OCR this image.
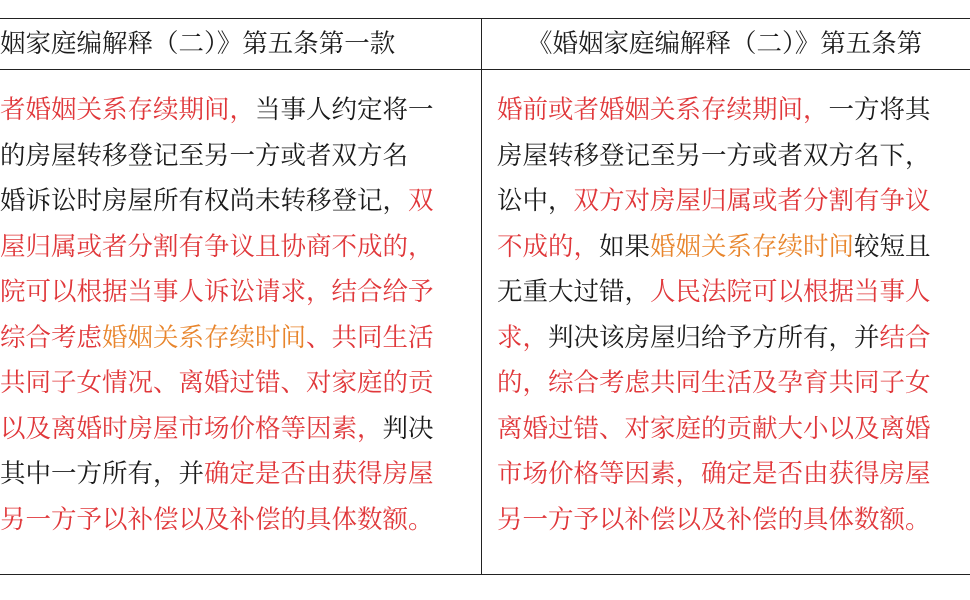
姻家庭编解释（二）》第五条第一款	《婚姻家庭编解释（二）》第五条第
者婚姻关系存续期间，当事人约定将一
的房屋转移登记至另一方或者双方名
婚诉讼时房屋所有权尚未转移登记，双
屋归属或者分割有争议且协商不成的，
院可以根据当事人诉讼请求，结合给予
综合考虑婚姻关系存续时间、共同生活
共同子女情况、离婚过错、对家庭的贡
以及离婚时房屋市场价格等因素，判决
其中一方所有，并确定是否由获得房屋
另一方予以补偿以及补偿的具体数额。
婚前或者婚姻关系存续期间，一方将其
房屋转移登记至另一方或者双方名下，
讼中，双方对房屋归属或者分割有争议
不成的，如果婚姻关系存续时间较短且
无重大过错，人民法院可以根据当事人
求，判决该房屋归给予方所有，并结合
的，综合考虑共同生活及孕育共同子女
离婚过错、对家庭的贡献大小以及离婚
市场价格等因素，确定是否由获得房屋
另一方予以补偿以及补偿的具体数额。
